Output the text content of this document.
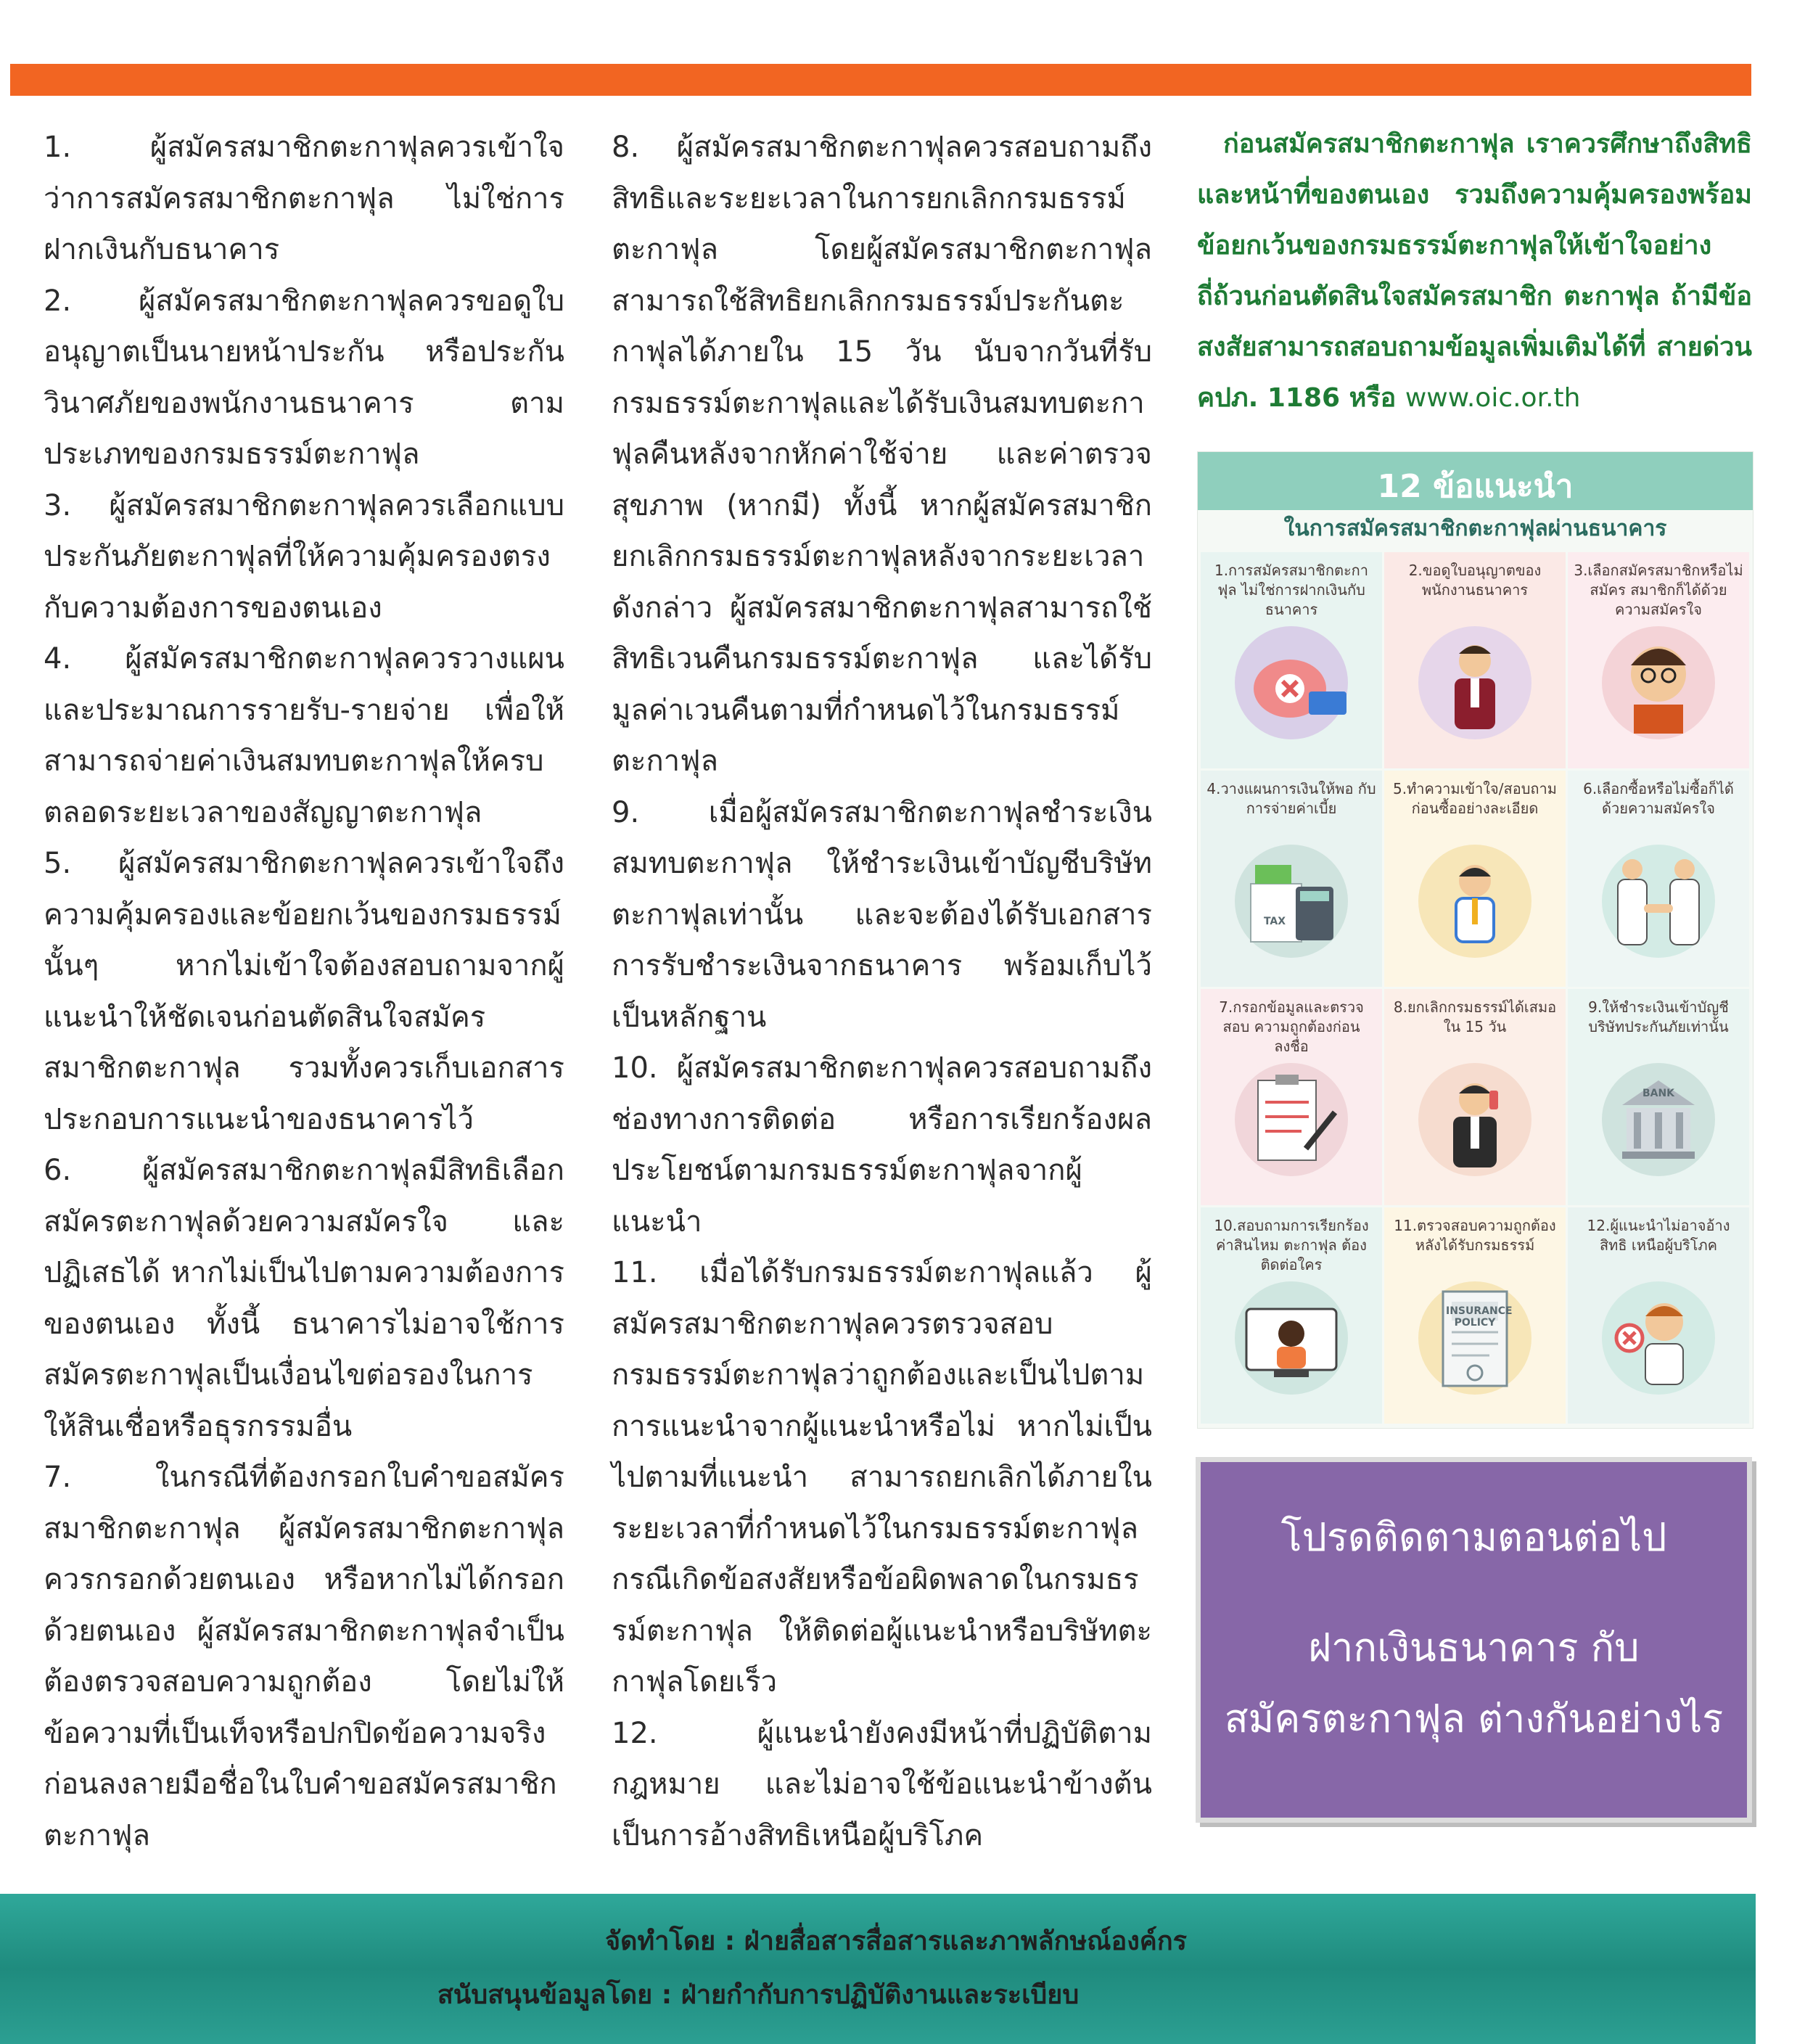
1. ผู้สมัครสมาชิกตะกาฟุลควรเข้าใจว่าการสมัครสมาชิกตะกาฟุล ไม่ใช่การฝากเงินกับธนาคาร

2. ผู้สมัครสมาชิกตะกาฟุลควรขอดูใบอนุญาตเป็นนายหน้าประกัน หรือประกันวินาศภัยของพนักงานธนาคาร ตามประเภทของกรมธรรม์ตะกาฟุล

3. ผู้สมัครสมาชิกตะกาฟุลควรเลือกแบบประกันภัยตะกาฟุลที่ให้ความคุ้มครองตรงกับความต้องการของตนเอง

4. ผู้สมัครสมาชิกตะกาฟุลควรวางแผนและประมาณการรายรับ-รายจ่าย เพื่อให้สามารถจ่ายค่าเงินสมทบตะกาฟุลให้ครบตลอดระยะเวลาของสัญญาตะกาฟุล

5. ผู้สมัครสมาชิกตะกาฟุลควรเข้าใจถึงความคุ้มครองและข้อยกเว้นของกรมธรรม์นั้นๆ หากไม่เข้าใจต้องสอบถามจากผู้แนะนำให้ชัดเจนก่อนตัดสินใจสมัครสมาชิกตะกาฟุล รวมทั้งควรเก็บเอกสารประกอบการแนะนำของธนาคารไว้

6. ผู้สมัครสมาชิกตะกาฟุลมีสิทธิเลือกสมัครตะกาฟุลด้วยความสมัครใจ และปฏิเสธได้ หากไม่เป็นไปตามความต้องการของตนเอง ทั้งนี้ ธนาคารไม่อาจใช้การสมัครตะกาฟุลเป็นเงื่อนไขต่อรองในการให้สินเชื่อหรือธุรกรรมอื่น

7. ในกรณีที่ต้องกรอกใบคำขอสมัครสมาชิกตะกาฟุล ผู้สมัครสมาชิกตะกาฟุลควรกรอกด้วยตนเอง หรือหากไม่ได้กรอกด้วยตนเอง ผู้สมัครสมาชิกตะกาฟุลจำเป็นต้องตรวจสอบความถูกต้อง โดยไม่ให้ข้อความที่เป็นเท็จหรือปกปิดข้อความจริง ก่อนลงลายมือชื่อในใบคำขอสมัครสมาชิกตะกาฟุล

8. ผู้สมัครสมาชิกตะกาฟุลควรสอบถามถึงสิทธิและระยะเวลาในการยกเลิกกรมธรรม์ตะกาฟุล โดยผู้สมัครสมาชิกตะกาฟุลสามารถใช้สิทธิยกเลิกกรมธรรม์ประกันตะกาฟุลได้ภายใน 15 วัน นับจากวันที่รับกรมธรรม์ตะกาฟุลและได้รับเงินสมทบตะกาฟุลคืนหลังจากหักค่าใช้จ่าย และค่าตรวจสุขภาพ (หากมี) ทั้งนี้ หากผู้สมัครสมาชิกยกเลิกกรมธรรม์ตะกาฟุลหลังจากระยะเวลาดังกล่าว ผู้สมัครสมาชิกตะกาฟุลสามารถใช้สิทธิเวนคืนกรมธรรม์ตะกาฟุล และได้รับมูลค่าเวนคืนตามที่กำหนดไว้ในกรมธรรม์ตะกาฟุล

9. เมื่อผู้สมัครสมาชิกตะกาฟุลชำระเงินสมทบตะกาฟุล ให้ชำระเงินเข้าบัญชีบริษัทตะกาฟุลเท่านั้น และจะต้องได้รับเอกสารการรับชำระเงินจากธนาคาร พร้อมเก็บไว้เป็นหลักฐาน

10. ผู้สมัครสมาชิกตะกาฟุลควรสอบถามถึงช่องทางการติดต่อ หรือการเรียกร้องผลประโยชน์ตามกรมธรรม์ตะกาฟุลจากผู้แนะนำ

11. เมื่อได้รับกรมธรรม์ตะกาฟุลแล้ว ผู้สมัครสมาชิกตะกาฟุลควรตรวจสอบกรมธรรม์ตะกาฟุลว่าถูกต้องและเป็นไปตามการแนะนำจากผู้แนะนำหรือไม่ หากไม่เป็นไปตามที่แนะนำ สามารถยกเลิกได้ภายในระยะเวลาที่กำหนดไว้ในกรมธรรม์ตะกาฟุล กรณีเกิดข้อสงสัยหรือข้อผิดพลาดในกรมธรรม์ตะกาฟุล ให้ติดต่อผู้แนะนำหรือบริษัทตะกาฟุลโดยเร็ว

12. ผู้แนะนำยังคงมีหน้าที่ปฏิบัติตามกฎหมาย และไม่อาจใช้ข้อแนะนำข้างต้นเป็นการอ้างสิทธิเหนือผู้บริโภค

ก่อนสมัครสมาชิกตะกาฟุล เราควรศึกษาถึงสิทธิ และหน้าที่ของตนเอง รวมถึงความคุ้มครองพร้อมข้อยกเว้นของกรมธรรม์ตะกาฟุลให้เข้าใจอย่างถี่ถ้วนก่อนตัดสินใจสมัครสมาชิก ตะกาฟุล ถ้ามีข้อสงสัยสามารถสอบถามข้อมูลเพิ่มเติมได้ที่ สายด่วน คปภ. 1186 หรือ www.oic.or.th
12 ข้อแนะนำ
ในการสมัครสมาชิกตะกาฟุลผ่านธนาคาร
1.การสมัครสมาชิกตะกาฟุล ไม่ใช่การฝากเงินกับธนาคาร
2.ขอดูใบอนุญาตของ พนักงานธนาคาร
3.เลือกสมัครสมาชิกหรือไม่สมัคร สมาชิกก็ได้ด้วยความสมัครใจ
4.วางแผนการเงินให้พอ กับการจ่ายค่าเบี้ย
TAX
5.ทำความเข้าใจ/สอบถาม ก่อนซื้ออย่างละเอียด
6.เลือกซื้อหรือไม่ซื้อก็ได้ ด้วยความสมัครใจ
7.กรอกข้อมูลและตรวจสอบ ความถูกต้องก่อนลงชื่อ
8.ยกเลิกกรมธรรม์ได้เสมอ ใน 15 วัน
9.ให้ชำระเงินเข้าบัญชี บริษัทประกันภัยเท่านั้น
BANK
10.สอบถามการเรียกร้องค่าสินไหม ตะกาฟุล ต้องติดต่อใคร
11.ตรวจสอบความถูกต้อง หลังได้รับกรมธรรม์
INSURANCE POLICY
12.ผู้แนะนำไม่อาจอ้างสิทธิ เหนือผู้บริโภค
โปรดติดตามตอนต่อไป
ฝากเงินธนาคาร กับ
สมัครตะกาฟุล ต่างกันอย่างไร
จัดทำโดย : ฝ่ายสื่อสารสื่อสารและภาพลักษณ์องค์กร
สนับสนุนข้อมูลโดย : ฝ่ายกำกับการปฏิบัติงานและระเบียบ
